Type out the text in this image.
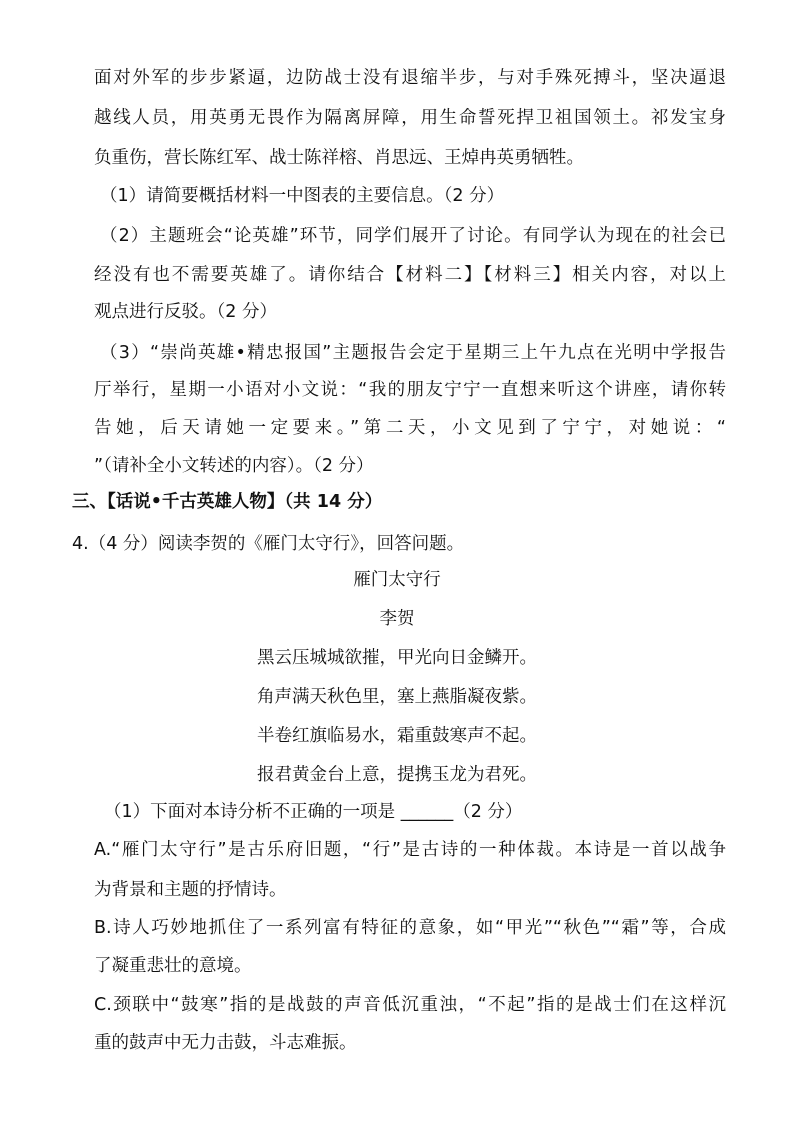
面对外军的步步紧逼，边防战士没有退缩半步，与对手殊死搏斗，坚决逼退
越线人员，用英勇无畏作为隔离屏障，用生命誓死捍卫祖国领土。祁发宝身
负重伤，营长陈红军、战士陈祥榕、肖思远、王焯冉英勇牺牲。
（1）请简要概括材料一中图表的主要信息。（2 分）
（2）主题班会“论英雄”环节，同学们展开了讨论。有同学认为现在的社会已
经没有也不需要英雄了。请你结合【材料二】【材料三】相关内容，对以上
观点进行反驳。（2 分）
（3）“崇尚英雄•精忠报国”主题报告会定于星期三上午九点在光明中学报告
厅举行，星期一小语对小文说：“我的朋友宁宁一直想来听这个讲座，请你转
告她，后天请她一定要来。”第二天，小文见到了宁宁，对她说：“
”（请补全小文转述的内容）。（2 分）
三、【话说•千古英雄人物】（共 14 分）
4.（4 分）阅读李贺的《雁门太守行》，回答问题。
雁门太守行
李贺
黑云压城城欲摧，甲光向日金鳞开。
角声满天秋色里，塞上燕脂凝夜紫。
半卷红旗临易水，霜重鼓寒声不起。
报君黄金台上意，提携玉龙为君死。
（1）下面对本诗分析不正确的一项是 ______（2 分）
A.“雁门太守行”是古乐府旧题，“行”是古诗的一种体裁。本诗是一首以战争
为背景和主题的抒情诗。
B.诗人巧妙地抓住了一系列富有特征的意象，如“甲光”“秋色”“霜”等，合成
了凝重悲壮的意境。
C.颈联中“鼓寒”指的是战鼓的声音低沉重浊，“不起”指的是战士们在这样沉
重的鼓声中无力击鼓，斗志难振。
